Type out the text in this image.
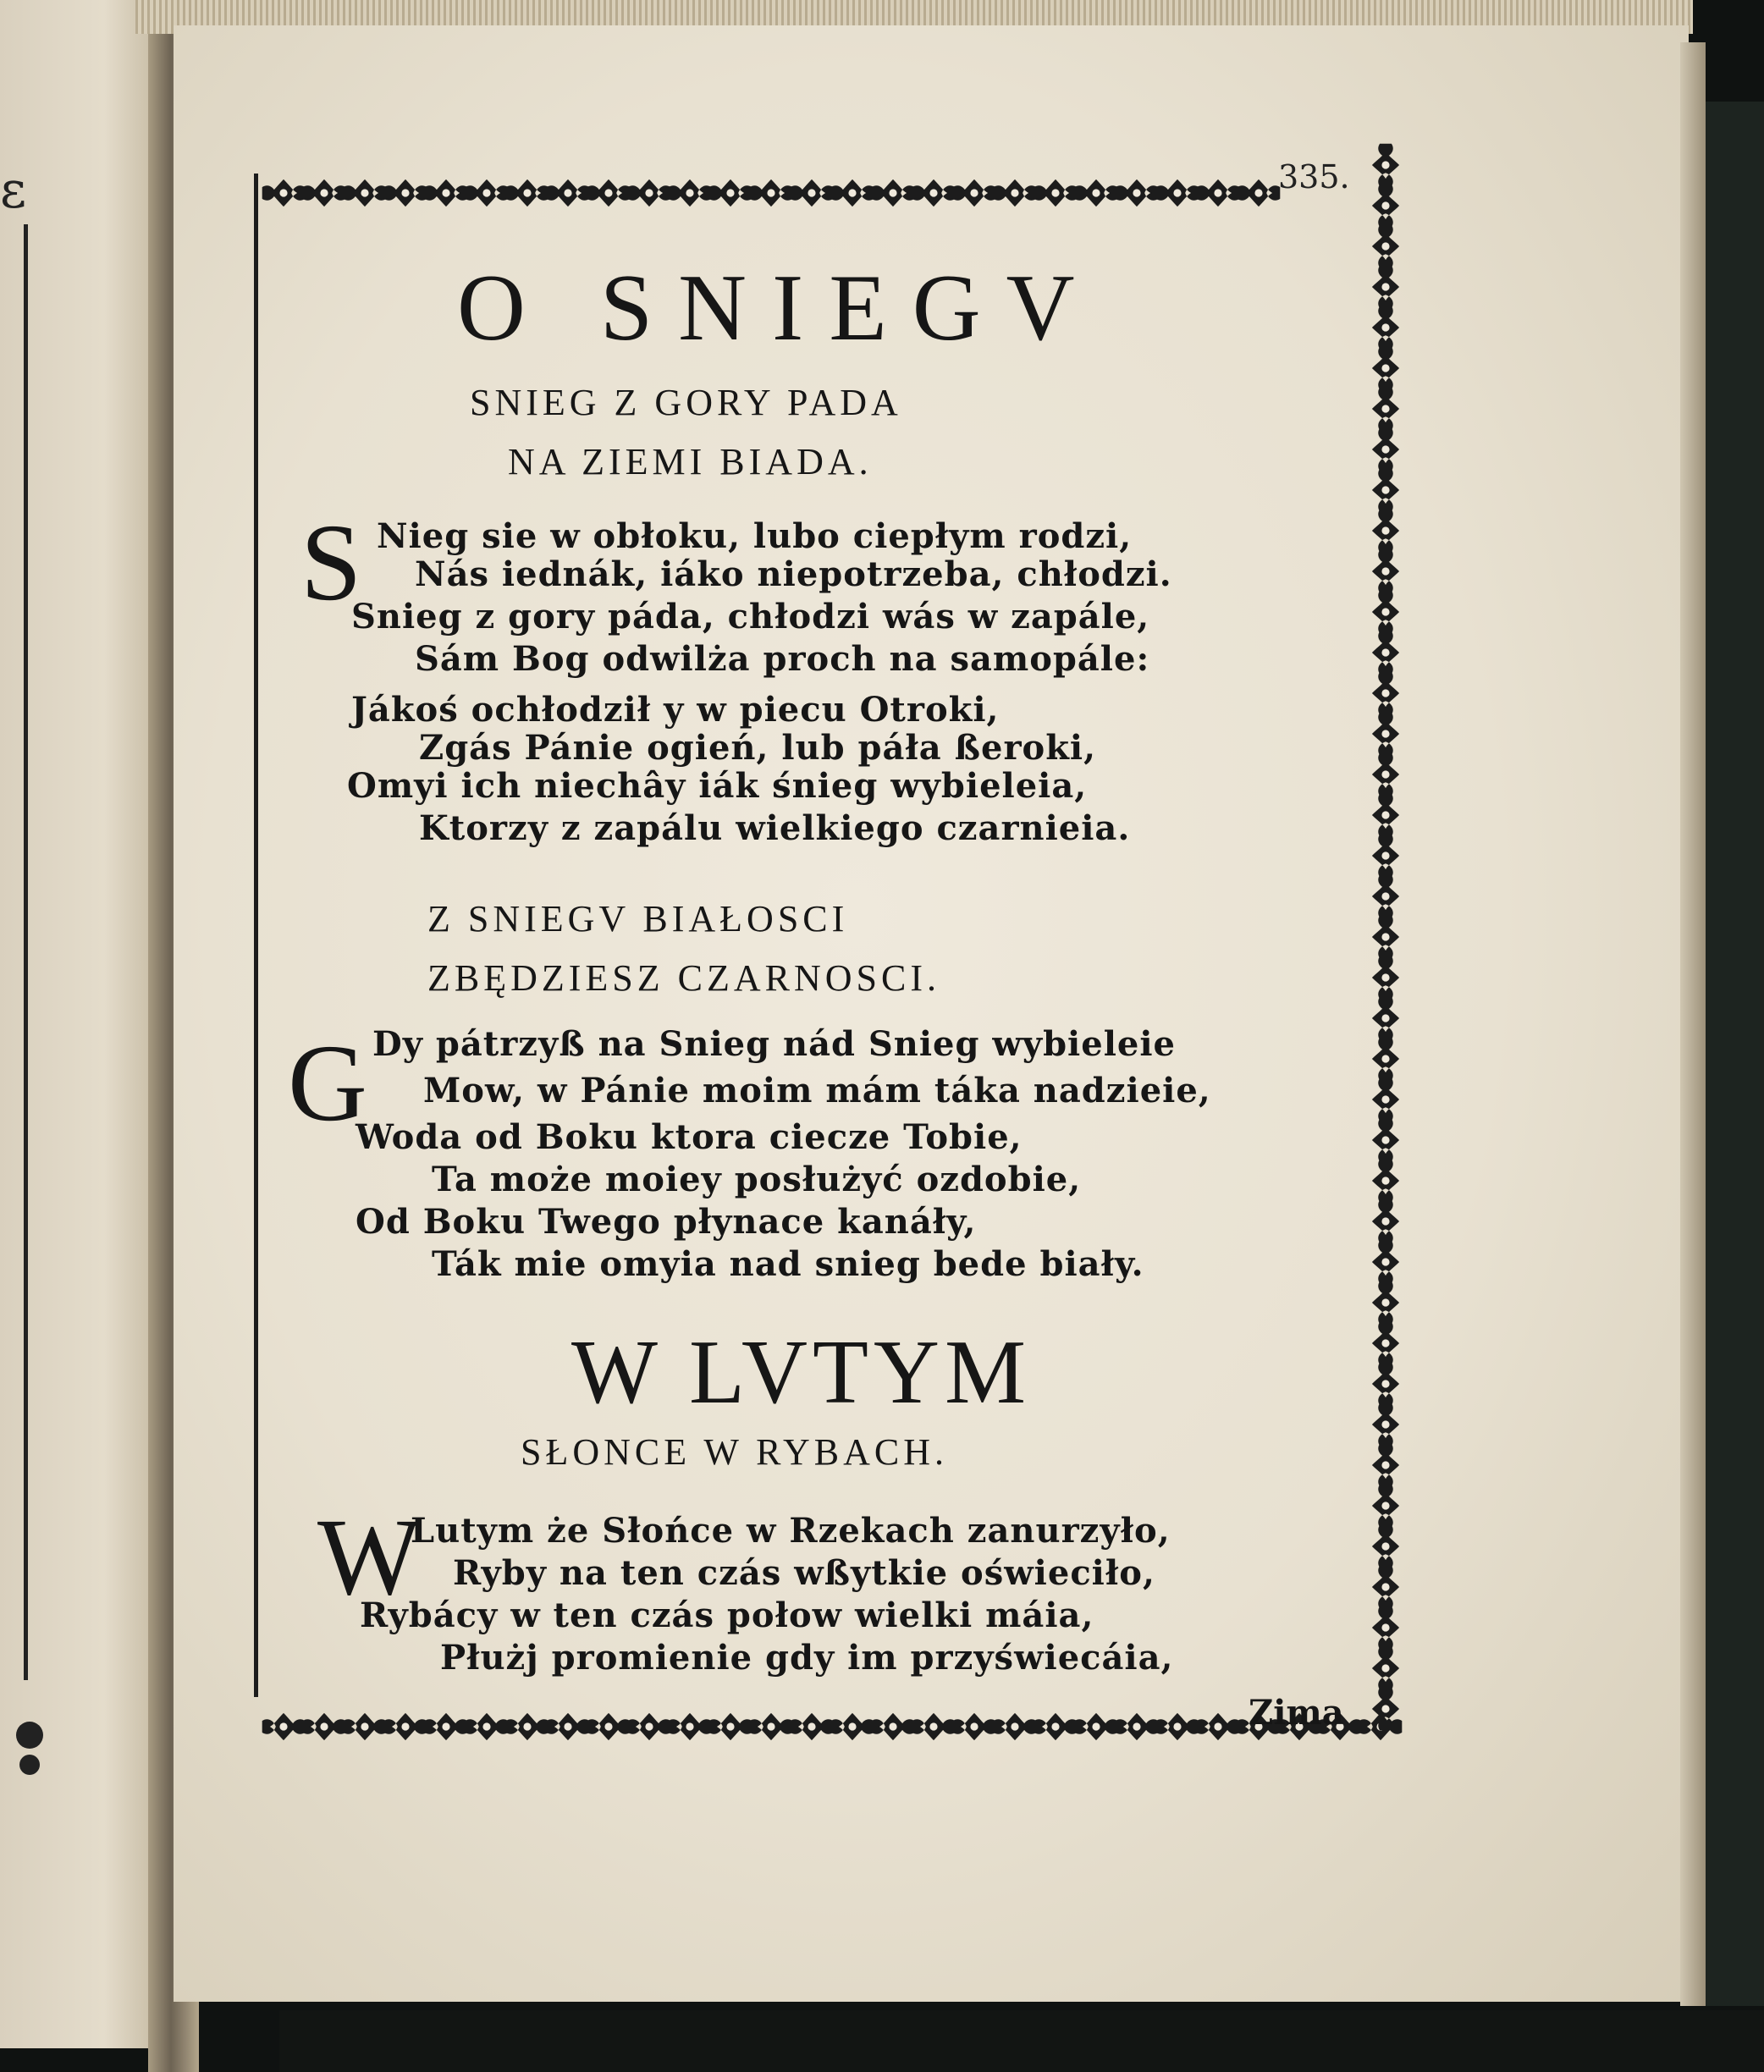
ε	335.
O SNIEGV
SNIEG Z GORY PADA
NA ZIEMI BIADA.
S Nieg sie w obłoku, lubo ciepłym rodzi,
Nás iednák, iáko niepotrzeba, chłodzi.
Snieg z gory páda, chłodzi wás w zapále,
Sám Bog odwilża proch na samopále:
Jákoś ochłodził y w piecu Otroki,
Zgás Pánie ogień, lub páła ßeroki,
Omyi ich niechây iák śnieg wybieleia,
Ktorzy z zapálu wielkiego czarnieia.
Z SNIEGV BIAŁOSCI
ZBĘDZIESZ CZARNOSCI.
G Dy pátrzyß na Snieg nád Snieg wybieleie
Mow, w Pánie moim mám táka nadzieie,
Woda od Boku ktora ciecze Tobie,
Ta może moiey posłużyć ozdobie,
Od Boku Twego płynace kanáły,
Ták mie omyia nad snieg bede biały.
W LVTYM
SŁONCE W RYBACH.
W
Lutym że Słońce w Rzekach zanurzyło,
Ryby na ten czás wßytkie oświeciło,
Rybácy w ten czás połow wielki máia,
Płużj promienie gdy im przyświecáia,
Zima
